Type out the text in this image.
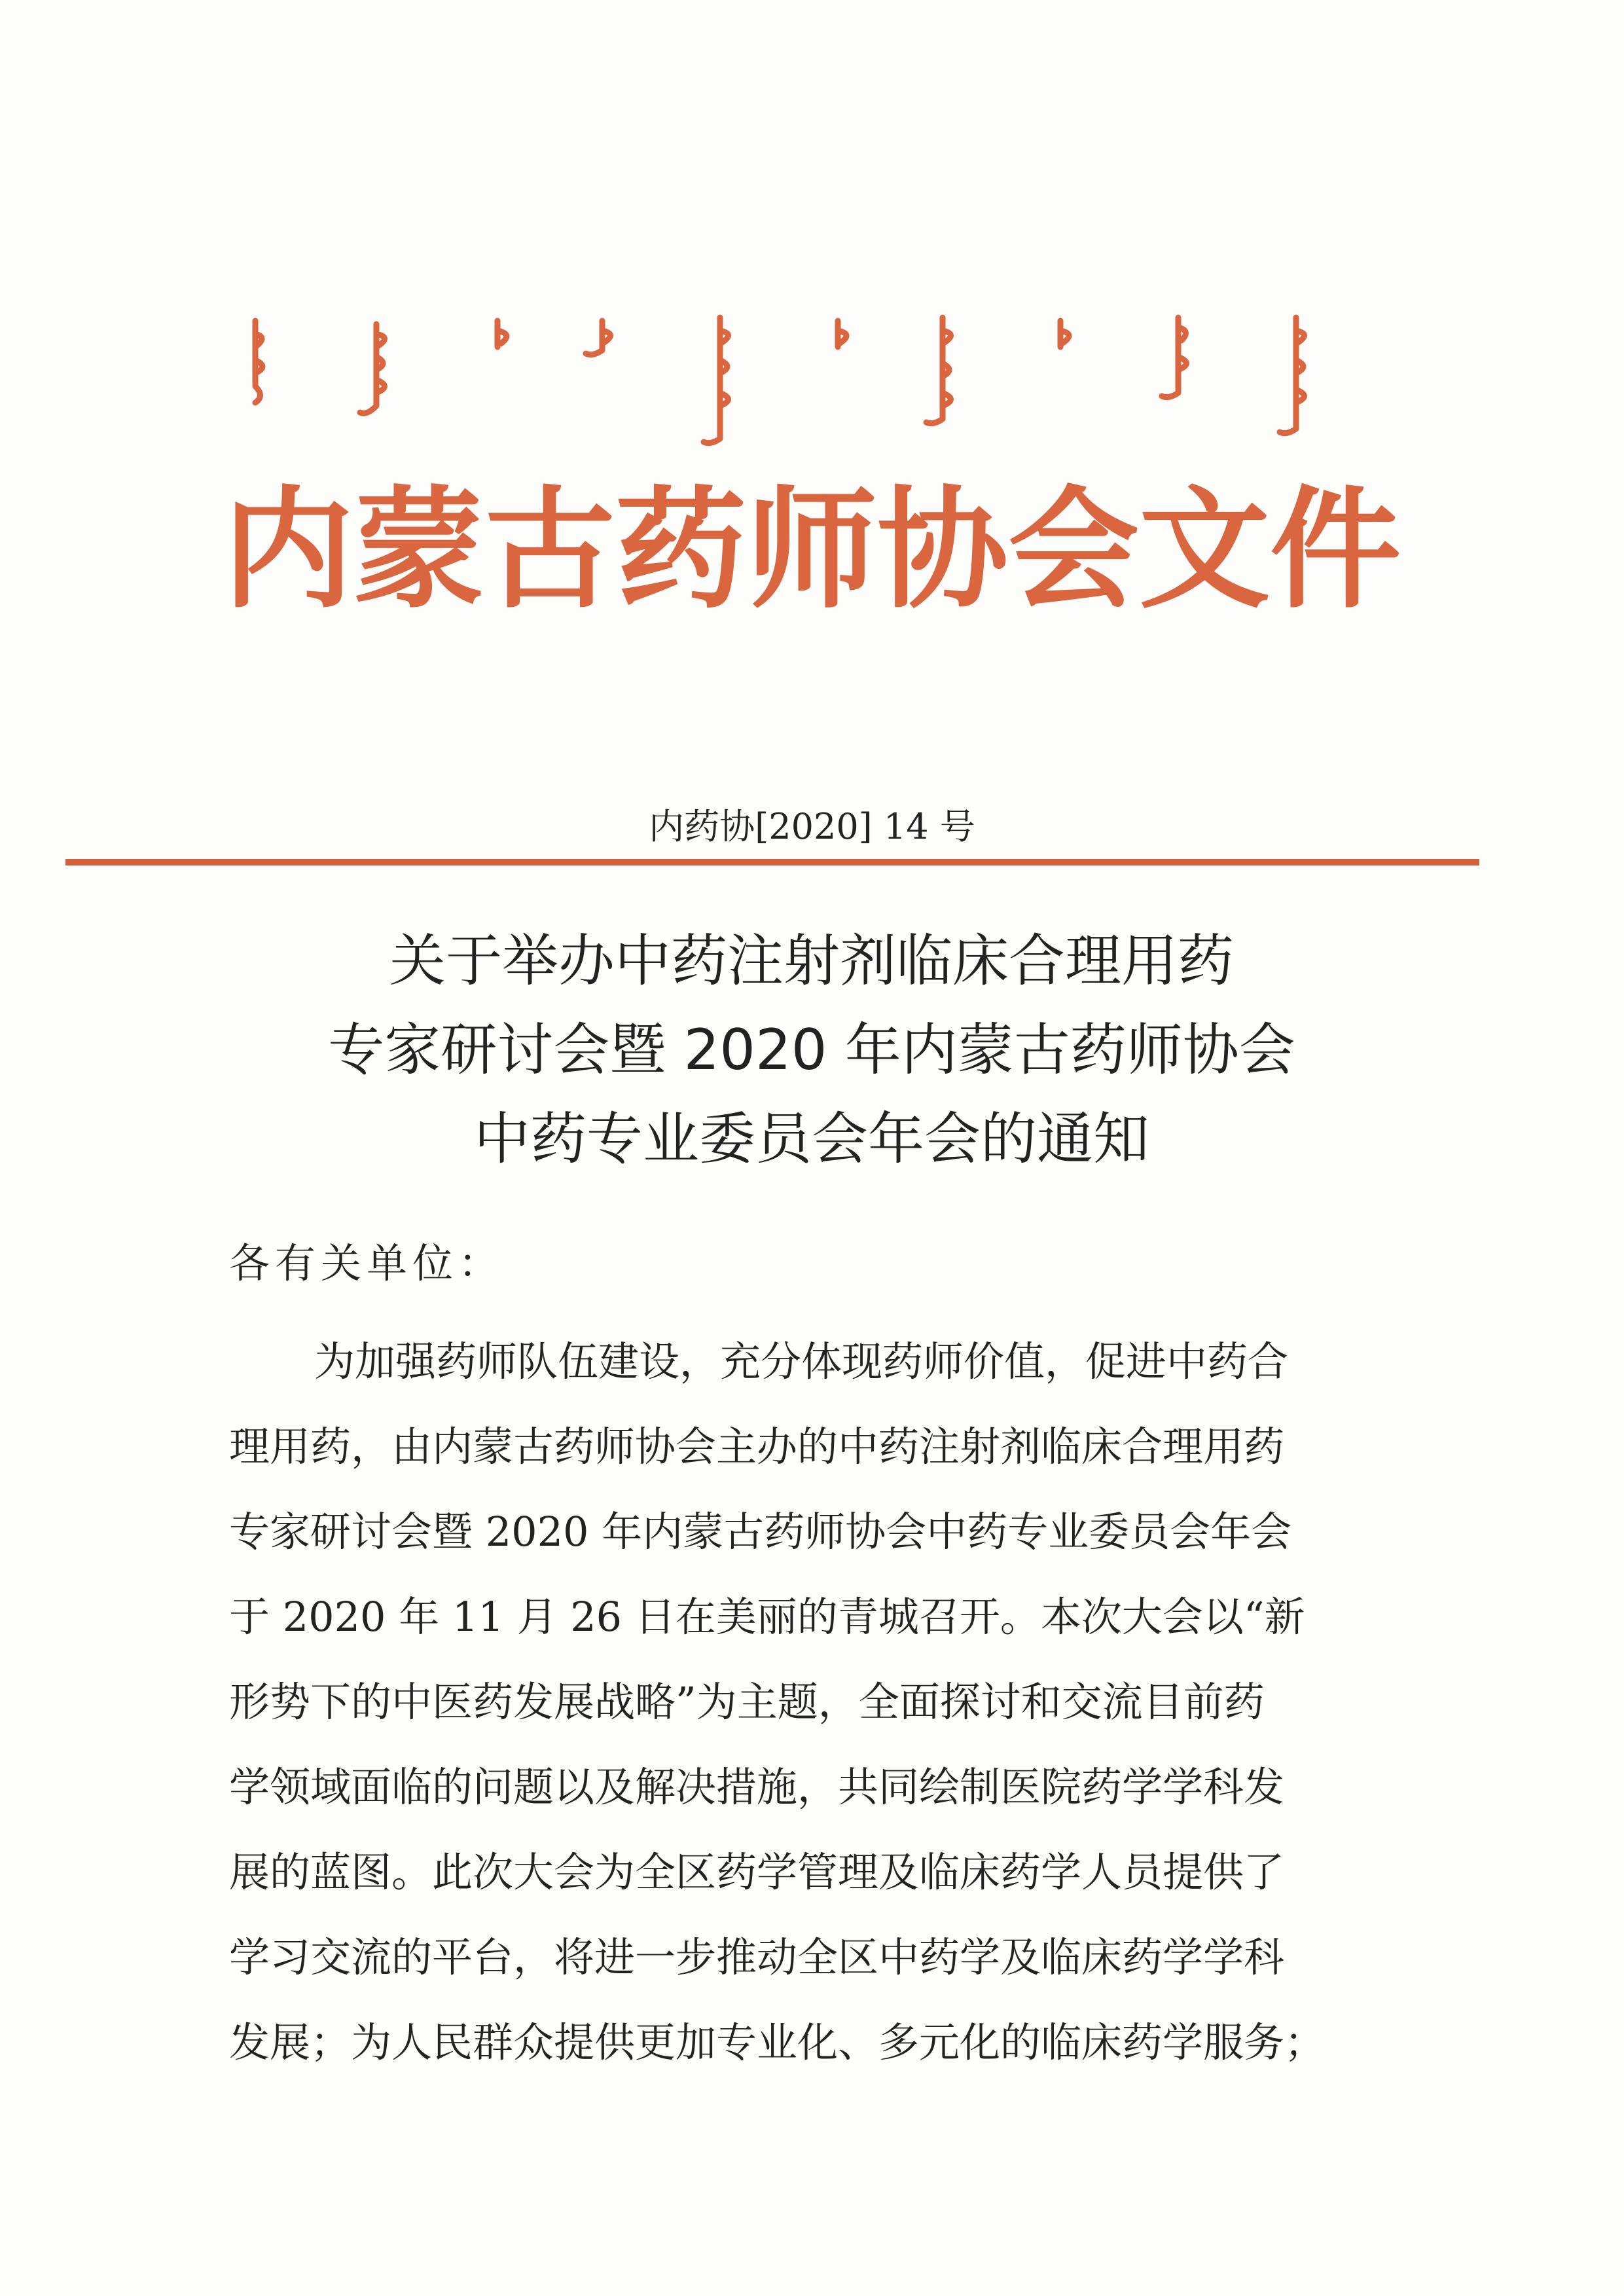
内 蒙 古 药 师 协 会 文 件
内药协[2020] 14 号
关于举办中药注射剂临床合理用药
专家研讨会暨 2020 年内蒙古药师协会
中药专业委员会年会的通知
各有关单位：
为加强药师队伍建设，充分体现药师价值，促进中药合
理用药，由内蒙古药师协会主办的中药注射剂临床合理用药
专家研讨会暨 2020 年内蒙古药师协会中药专业委员会年会
于 2020 年 11 月 26 日在美丽的青城召开。本次大会以“新
形势下的中医药发展战略”为主题，全面探讨和交流目前药
学领域面临的问题以及解决措施，共同绘制医院药学学科发
展的蓝图。此次大会为全区药学管理及临床药学人员提供了
学习交流的平台，将进一步推动全区中药学及临床药学学科
发展；为人民群众提供更加专业化、多元化的临床药学服务；
